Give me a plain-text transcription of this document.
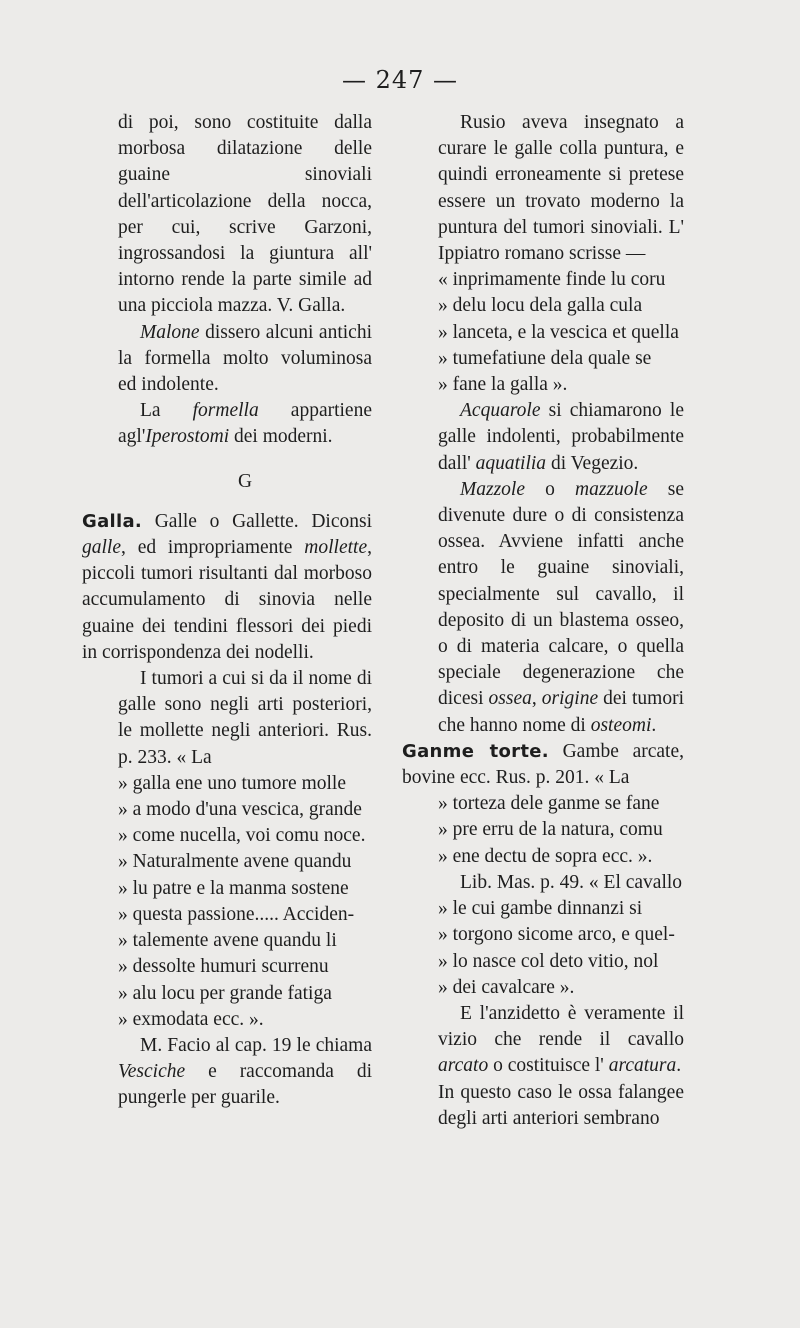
— 247 —

di poi, sono costituite dalla morbosa dilatazione delle guaine sinoviali dell'articolazione della nocca, per cui, scrive Garzoni, ingrossandosi la giuntura all' intorno rende la parte simile ad una picciola mazza. V. Galla.

Malone dissero alcuni antichi la formella molto voluminosa ed indolente.

La formella appartiene agl'Iperostomi dei moderni.

G

Galla. Galle o Gallette. Diconsi galle, ed impropriamente mollette, piccoli tumori risultanti dal morboso accumulamento di sinovia nelle guaine dei tendini flessori dei piedi in corrispondenza dei nodelli.

I tumori a cui si da il nome di galle sono negli arti posteriori, le mollette negli anteriori. Rus. p. 233. « La

» galla ene uno tumore molle

» a modo d'una vescica, grande

» come nucella, voi comu noce.

» Naturalmente avene quandu

» lu patre e la manma sostene

» questa passione..... Acciden-

» talemente avene quandu li

» dessolte humuri scurrenu

» alu locu per grande fatiga

» exmodata ecc. ».

M. Facio al cap. 19 le chiama Vesciche e raccomanda di pungerle per guarile.

Rusio aveva insegnato a curare le galle colla puntura, e quindi erroneamente si pretese essere un trovato moderno la puntura del tumori sinoviali. L' Ippiatro romano scrisse —

« inprimamente finde lu coru

» delu locu dela galla cula

» lanceta, e la vescica et quella

» tumefatiune dela quale se

» fane la galla ».

Acquarole si chiamarono le galle indolenti, probabilmente dall' aquatilia di Vegezio.

Mazzole o mazzuole se divenute dure o di consistenza ossea. Avviene infatti anche entro le guaine sinoviali, specialmente sul cavallo, il deposito di un blastema osseo, o di materia calcare, o quella speciale degenerazione che dicesi ossea, origine dei tumori che hanno nome di osteomi.

Ganme torte. Gambe arcate, bovine ecc. Rus. p. 201. « La

» torteza dele ganme se fane

» pre erru de la natura, comu

» ene dectu de sopra ecc. ».

Lib. Mas. p. 49. « El cavallo

» le cui gambe dinnanzi si

» torgono sicome arco, e quel-

» lo nasce col deto vitio, nol

» dei cavalcare ».

E l'anzidetto è veramente il vizio che rende il cavallo arcato o costituisce l' arcatura.

In questo caso le ossa falangee degli arti anteriori sembrano
